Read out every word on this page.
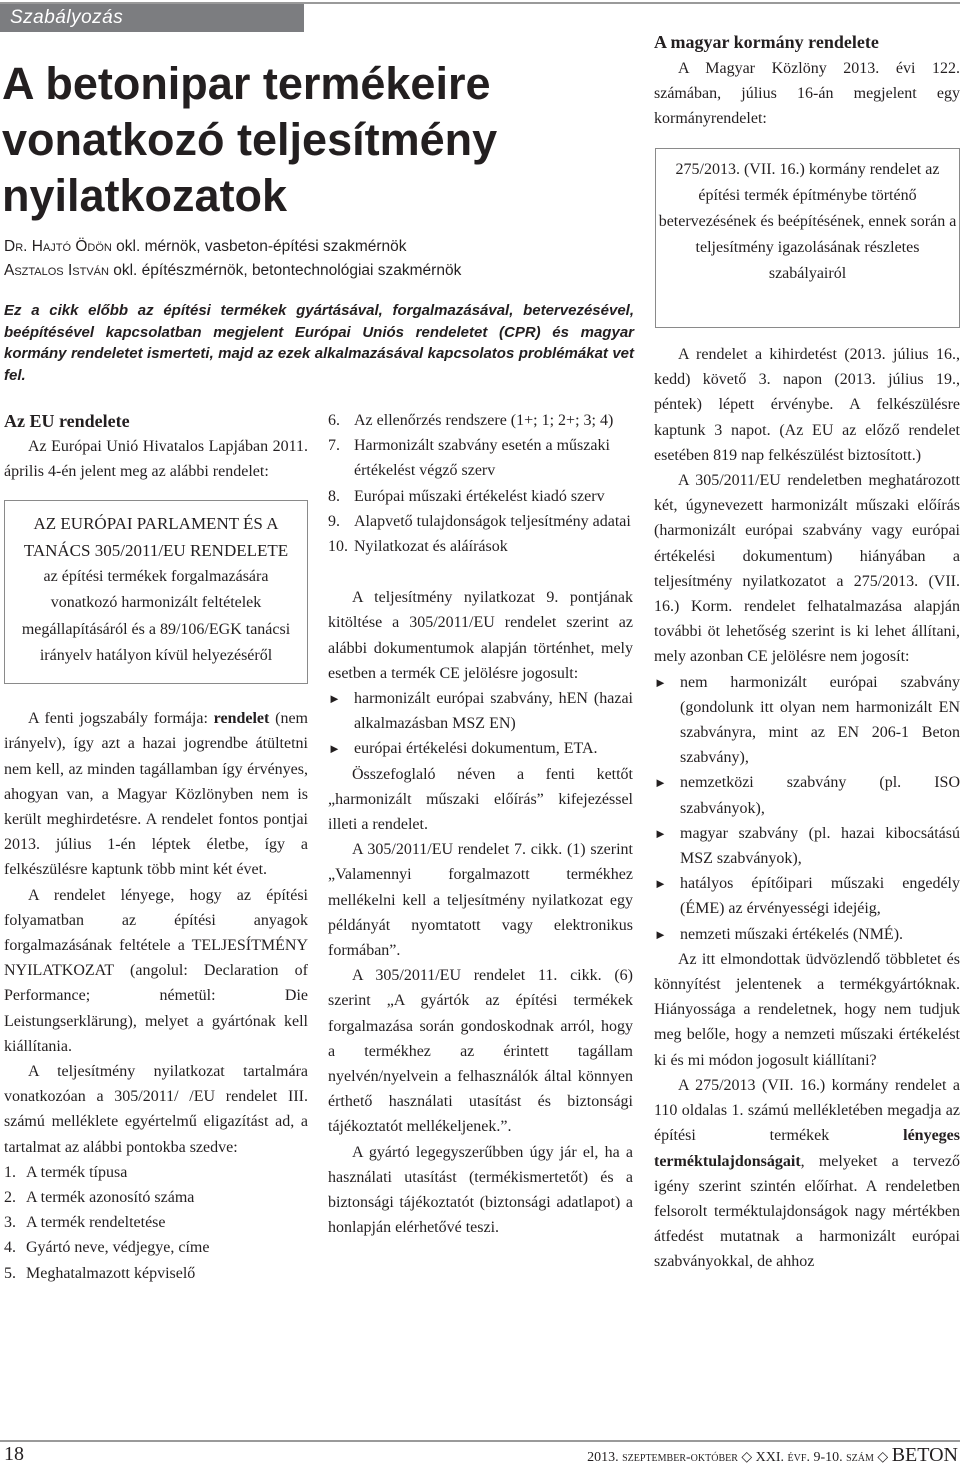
Szabályozás
A betonipar termékeire
vonatkozó teljesítmény
nyilatkozatok
Dr. Hajtó Ödön okl. mérnök, vasbeton-építési szakmérnök
Asztalos István okl. építészmérnök, betontechnológiai szakmérnök
Ez a cikk előbb az építési termékek gyártásával, forgalmazásával, betervezésével, beépítésével kapcsolatban megjelent Európai Uniós rendeletet (CPR) és magyar kormány rendeletet ismerteti, majd az ezek alkalmazásával kapcsolatos problémákat vet fel.
Az EU rendelete

Az Európai Unió Hivatalos Lapjában 2011. április 4-én jelent meg az alábbi rendelet:

AZ EURÓPAI PARLAMENT ÉS A TANÁCS 305/2011/EU RENDELETE
az építési termékek forgalmazására vonatkozó harmonizált feltételek megállapításáról és a 89/106/EGK tanácsi irányelv hatályon kívül helyezéséről

A fenti jogszabály formája: rendelet (nem irányelv), így azt a hazai jogrendbe átültetni nem kell, az minden tagállamban így érvényes, ahogyan van, a Magyar Közlönyben nem is került meghirdetésre. A rendelet fontos pontjai 2013. július 1-én léptek életbe, így a felkészülésre kaptunk több mint két évet.

A rendelet lényege, hogy az építési folyamatban az építési anyagok forgalmazásának feltétele a TELJESÍTMÉNY NYILATKOZAT (angolul: Declaration of Performance; németül: Die Leistungserklärung), melyet a gyártónak kell kiállítania.

A teljesítmény nyilatkozat tartalmára vonatkozóan a 305/2011/ /EU rendelet III. számú melléklete egyértelmű eligazítást ad, a tartalmat az alábbi pontokba szedve:

1. A termék típusa
2. A termék azonosító száma
3. A termék rendeltetése
4. Gyártó neve, védjegye, címe
5. Meghatalmazott képviselő
6. Az ellenőrzés rendszere (1+; 1; 2+; 3; 4)
7. Harmonizált szabvány esetén a műszaki értékelést végző szerv
8. Európai műszaki értékelést kiadó szerv
9. Alapvető tulajdonságok teljesítmény adatai
10. Nyilatkozat és aláírások

A teljesítmény nyilatkozat 9. pontjának kitöltése a 305/2011/EU rendelet szerint az alábbi dokumentumok alapján történhet, mely esetben a termék CE jelölésre jogosult:

► harmonizált európai szabvány, hEN (hazai alkalmazásban MSZ EN)
► európai értékelési dokumentum, ETA.

Összefoglaló néven a fenti kettőt „harmonizált műszaki előírás” kifejezéssel illeti a rendelet.

A 305/2011/EU rendelet 7. cikk. (1) szerint „Valamennyi forgalmazott termékhez mellékelni kell a teljesítmény nyilatkozat egy példányát nyomtatott vagy elektronikus formában”.

A 305/2011/EU rendelet 11. cikk. (6) szerint „A gyártók az építési termékek forgalmazása során gondoskodnak arról, hogy a termékhez az érintett tagállam nyelvén/nyelvein a felhasználók által könnyen érthető használati utasítást és biztonsági tájékoztatót mellékeljenek.”.

A gyártó legegyszerűbben úgy jár el, ha a használati utasítást (termékismertetőt) és a biztonsági tájékoztatót (biztonsági adatlapot) a honlapján elérhetővé teszi.

A magyar kormány rendelete
A Magyar Közlöny 2013. évi 122. számában, július 16-án megjelent egy kormányrendelet:
275/2013. (VII. 16.) kormány rendelet az építési termék építménybe történő betervezésének és beépítésének, ennek során a teljesítmény igazolásának részletes szabályairól

A rendelet a kihirdetést (2013. július 16., kedd) követő 3. napon (2013. július 19., péntek) lépett érvénybe. A felkészülésre kaptunk 3 napot. (Az EU az előző rendelet esetében 819 nap felkészülést biztosított.)

A 305/2011/EU rendeletben meghatározott két, úgynevezett harmonizált műszaki előírás (harmonizált európai szabvány vagy európai értékelési dokumentum) hiányában a teljesítmény nyilatkozatot a 275/2013. (VII. 16.) Korm. rendelet felhatalmazása alapján további öt lehetőség szerint is ki lehet állítani, mely azonban CE jelölésre nem jogosít:

► nem harmonizált európai szabvány (gondolunk itt olyan nem harmonizált EN szabványra, mint az EN 206-1 Beton szabvány),
► nemzetközi szabvány (pl. ISO szabványok),
► magyar szabvány (pl. hazai kibocsátású MSZ szabványok),
► hatályos építőipari műszaki engedély (ÉME) az érvényességi idejéig,
► nemzeti műszaki értékelés (NMÉ).

Az itt elmondottak üdvözlendő többletet és könnyítést jelentenek a termékgyártóknak. Hiányossága a rendeletnek, hogy nem tudjuk meg belőle, hogy a nemzeti műszaki értékelést ki és mi módon jogosult kiállítani?

A 275/2013 (VII. 16.) kormány rendelet a 110 oldalas 1. számú mellékletében megadja az építési termékek lényeges terméktulajdonságait, melyeket a tervező igény szerint szintén előírhat. A rendeletben felsorolt terméktulajdonságok nagy mértékben átfedést mutatnak a harmonizált európai szabványokkal, de ahhoz

18	2013. szeptember-október ◇ XXI. évf. 9-10. szám ◇ BETON
